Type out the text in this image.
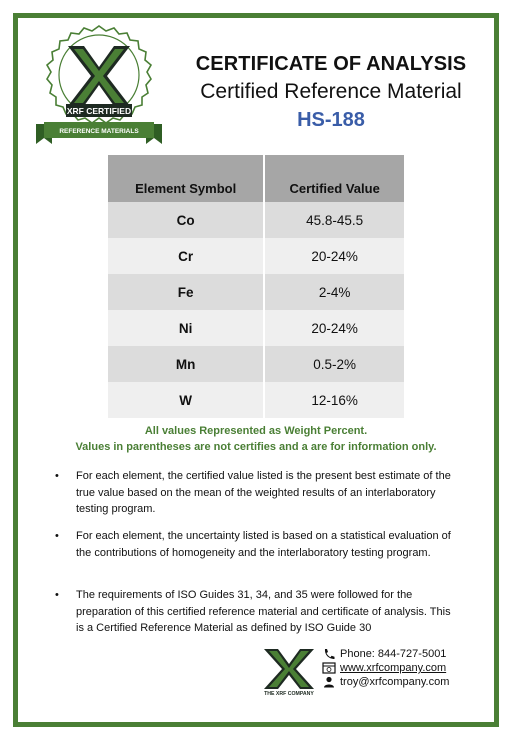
XRF CERTIFIED
REFERENCE MATERIALS
CERTIFICATE OF ANALYSIS
Certified Reference Material
HS-188
Element Symbol	Certified Value
Co	45.8-45.5
Cr	20-24%
Fe	2-4%
Ni	20-24%
Mn	0.5-2%
W	12-16%
All values Represented as Weight Percent.
Values in parentheses are not certifies and a are for information only.
• For each element, the certified value listed is the present best estimate of the true value based on the mean of the weighted results of an interlaboratory testing program.
• For each element, the uncertainty listed is based on a statistical evaluation of the contributions of homogeneity and the interlaboratory testing program.
• The requirements of ISO Guides 31, 34, and 35 were followed for the preparation of this certified reference material and certificate of analysis. This is a Certified Reference Material as defined by ISO Guide 30
THE XRF COMPANY
Phone: 844-727-5001
www.xrfcompany.com
troy@xrfcompany.com
